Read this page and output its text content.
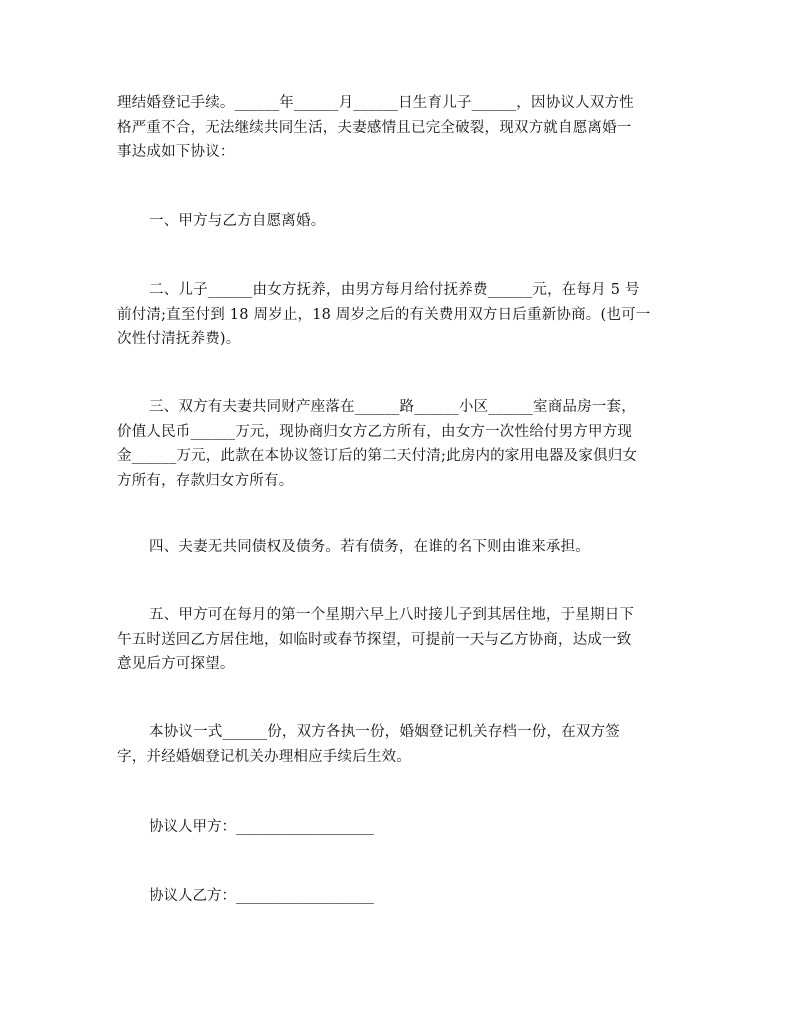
理结婚登记手续。______年______月______日生育儿子______，因协议人双方性
格严重不合，无法继续共同生活，夫妻感情且已完全破裂，现双方就自愿离婚一
事达成如下协议：
一、甲方与乙方自愿离婚。
二、儿子______由女方抚养，由男方每月给付抚养费______元，在每月 5 号
前付清;直至付到 18 周岁止，18 周岁之后的有关费用双方日后重新协商。(也可一
次性付清抚养费)。
三、双方有夫妻共同财产座落在______路______小区______室商品房一套，
价值人民币______万元，现协商归女方乙方所有，由女方一次性给付男方甲方现
金______万元，此款在本协议签订后的第二天付清;此房内的家用电器及家俱归女
方所有，存款归女方所有。
四、夫妻无共同债权及债务。若有债务，在谁的名下则由谁来承担。
五、甲方可在每月的第一个星期六早上八时接儿子到其居住地，于星期日下
午五时送回乙方居住地，如临时或春节探望，可提前一天与乙方协商，达成一致
意见后方可探望。
本协议一式______份，双方各执一份，婚姻登记机关存档一份，在双方签
字，并经婚姻登记机关办理相应手续后生效。
协议人甲方：___________________
协议人乙方：___________________
